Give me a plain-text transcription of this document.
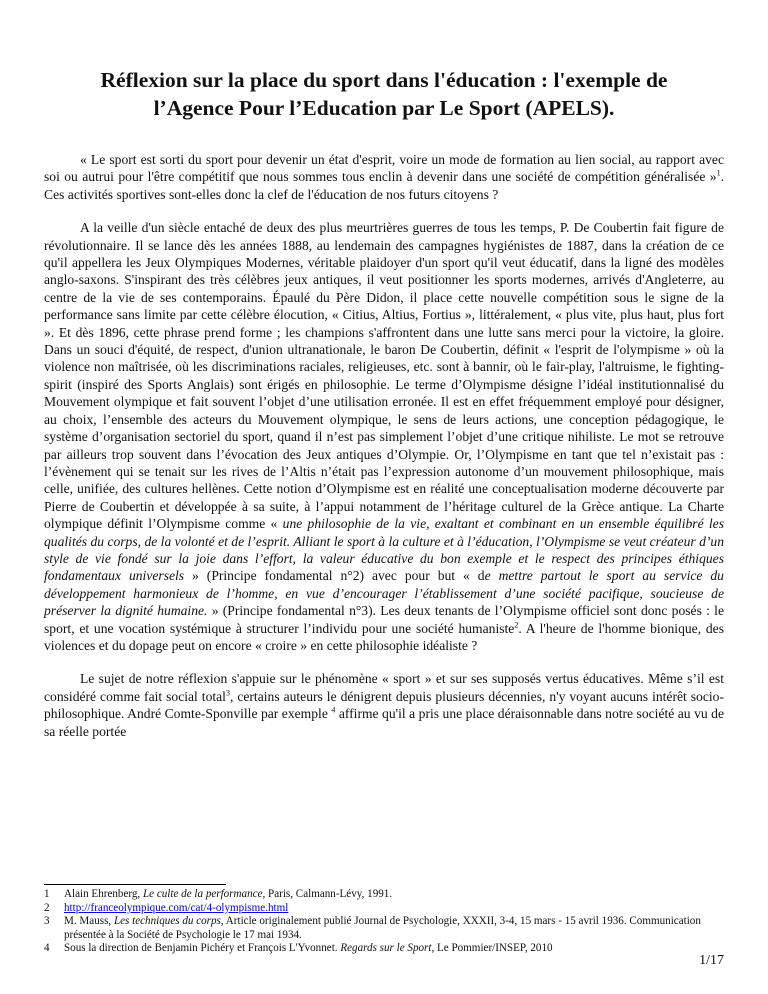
Réflexion sur la place du sport dans l'éducation : l'exemple de l’Agence Pour l’Education par Le Sport (APELS).

« Le sport est sorti du sport pour devenir un état d'esprit, voire un mode de formation au lien social, au rapport avec soi ou autrui pour l'être compétitif que nous sommes tous enclin à devenir dans une société de compétition généralisée »$^1$. Ces activités sportives sont-elles donc la clef de l'éducation de nos futurs citoyens ?

A la veille d'un siècle entaché de deux des plus meurtrières guerres de tous les temps, P. De Coubertin fait figure de révolutionnaire. Il se lance dès les années 1888, au lendemain des campagnes hygiénistes de 1887, dans la création de ce qu'il appellera les Jeux Olympiques Modernes, véritable plaidoyer d'un sport qu'il veut éducatif, dans la ligné des modèles anglo-saxons. S'inspirant des très célèbres jeux antiques, il veut positionner les sports modernes, arrivés d'Angleterre, au centre de la vie de ses contemporains. Épaulé du Père Didon, il place cette nouvelle compétition sous le signe de la performance sans limite par cette célèbre élocution, « Citius, Altius, Fortius », littéralement, « plus vite, plus haut, plus fort ». Et dès 1896, cette phrase prend forme ; les champions s'affrontent dans une lutte sans merci pour la victoire, la gloire. Dans un souci d'équité, de respect, d'union ultranationale, le baron De Coubertin, définit « l'esprit de l'olympisme » où la violence non maîtrisée, où les discriminations raciales, religieuses, etc. sont à bannir, où le fair-play, l'altruisme, le fighting-spirit (inspiré des Sports Anglais) sont érigés en philosophie. Le terme d’Olympisme désigne l’idéal institutionnalisé du Mouvement olympique et fait souvent l’objet d’une utilisation erronée. Il est en effet fréquemment employé pour désigner, au choix, l’ensemble des acteurs du Mouvement olympique, le sens de leurs actions, une conception pédagogique, le système d’organisation sectoriel du sport, quand il n’est pas simplement l’objet d’une critique nihiliste. Le mot se retrouve par ailleurs trop souvent dans l’évocation des Jeux antiques d’Olympie. Or, l’Olympisme en tant que tel n’existait pas : l’évènement qui se tenait sur les rives de l’Altis n’était pas l’expression autonome d’un mouvement philosophique, mais celle, unifiée, des cultures hellènes. Cette notion d’Olympisme est en réalité une conceptualisation moderne découverte par Pierre de Coubertin et développée à sa suite, à l’appui notamment de l’héritage culturel de la Grèce antique. La Charte olympique définit l’Olympisme comme « une philosophie de la vie, exaltant et combinant en un ensemble équilibré les qualités du corps, de la volonté et de l’esprit. Alliant le sport à la culture et à l’éducation, l’Olympisme se veut créateur d’un style de vie fondé sur la joie dans l’effort, la valeur éducative du bon exemple et le respect des principes éthiques fondamentaux universels » (Principe fondamental n°2) avec pour but « de mettre partout le sport au service du développement harmonieux de l’homme, en vue d’encourager l’établissement d’une société pacifique, soucieuse de préserver la dignité humaine. » (Principe fondamental n°3). Les deux tenants de l’Olympisme officiel sont donc posés : le sport, et une vocation systémique à structurer l’individu pour une société humaniste$^2$. A l'heure de l'homme bionique, des violences et du dopage peut on encore « croire » en cette philosophie idéaliste ?

Le sujet de notre réflexion s'appuie sur le phénomène « sport » et sur ses supposés vertus éducatives. Même s’il est considéré comme fait social total$^3$, certains auteurs le dénigrent depuis plusieurs décennies, n'y voyant aucuns intérêt socio-philosophique. André Comte-Sponville par exemple $^4$ affirme qu'il a pris une place déraisonnable dans notre société au vu de sa réelle portée

1	Alain Ehrenberg, Le culte de la performance, Paris, Calmann-Lévy, 1991.
2	http://franceolympique.com/cat/4-olympisme.html
3	M. Mauss, Les techniques du corps, Article originalement publié Journal de Psychologie, XXXII, 3-4, 15 mars - 15 avril 1936. Communication présentée à la Société de Psychologie le 17 mai 1934.
4	Sous la direction de Benjamin Pichéry et François L'Yvonnet. Regards sur le Sport, Le Pommier/INSEP, 2010
1/17
